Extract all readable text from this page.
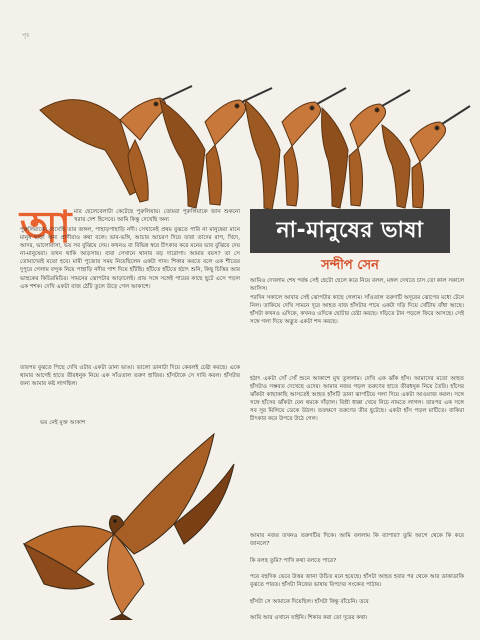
পৃঃ
আ মার ছেলেবেলাটা কেটেছে পুরুলিয়ায়। তোমরা পুরুলিয়াকে জান শুকনো খরার দেশ হিসেবে। আমি কিন্তু দেখেছি অন্য
পুরুলিয়াকে। দেখেছি তার জঙ্গল, পাহাড়পাহাড়ি নদী। সেখানেই প্রথম বুঝতে পারি না মানুষেরা মানে মানুষ ছাড়া অন্য প্রাণীরাও কথা বলে। ভাব-ভঙ্গি, আচার আচরণ দিয়ে তারা তাদের রাগ, খিদে, আদর, ভালোবাসা, ভয় সব বুঝিয়ে দেয়। কখনও বা বিভিন্ন স্বরে চীৎকার করে মনের ভাব বুঝিয়ে দেয় না-মানুষেরা। তখন থাকি আড়সায়। বাবা সেখানে থানার বড় দারোগা। আমার বয়স? তা সে তোমাদেরই মতো হবে। মামী পুজোর সময় নিয়েছিলেন একটা গান। শিকার করতে বলে এক শীতের দুপুরে গেলাম বন্দুক নিয়ে পাহাড়ি নদীর পাশ দিয়ে হাঁটছি। হাঁটতে হাঁটতে হঠাৎ শুনি, কিছু চিত্তির আর ভাহুকের কিচিরমিচির। সামনের ঝোপটার আড়ালেই। প্রায় সঙ্গে সঙ্গেই পায়ের কাছে ছুটে এসে পড়ল এক শশক। দেখি একটা বাজ ঠোঁট তুলে উড়ে গেল আকাশে।
তারপর বুঝতে পিছে দেখি ওটার একটা ডানা ভাঙা। ভালো ডানাটা দিয়ে কেবলই চেষ্টা করছে। একে থামার আগেই হাতে তীরধনুক নিয়ে এক সাঁওতাল তরুণ হাজির। হাঁসটাকে সে দাবি করল। হাঁসটার জন্য আমার কষ্ট লাগছিল।
ভয় নেই মুক্ত আকাশ
না-মানুষের ভাষা
সন্দীপ সেন
আমিও দেখলাম শেষ পর্যন্ত সেই ছেটো ছেলে করে নিয়ে বলল, মঙ্গল দেখতে চাস তো কাল সকালে আসিস।
পরদিন সকালে আবার সেই ঝোপটার কাছে গেলাম। সাঁওতাল তরুণটি অদূরের ঝোপের মধ্যে টেনে নিল। তাকিয়ে দেখি সামনে দূরে আহত বাজ হাঁসটার পায়ে একটা দড়ি দিয়ে খোঁটায় বাঁধা আছে। হাঁসটা কখনও এদিকে, কখনও ওদিকে ছোটার চেষ্টা করছে। দড়িতে টান পড়লে ফিরে আসছে। সেই সঙ্গে গলা দিয়ে অদ্ভুত একটা শব্দ করছে।
হঠাৎ একটা সোঁ সোঁ শুনে আকাশে মুখ তুললাম। দেখি এক ঝাঁক হাঁস। আমাদের মতো আহত হাঁসটাও সম্ভবত দেখেছে ওদের। আমার নজর পড়ল তরুণের হাতে তীরধনুক নিয়ে তৈরি। হাঁসের ঝাঁকটা কাছাকাছি আসতেই আহত হাঁসটি ডানা ঝাপটিয়ে গলা দিয়ে একটা আওয়াজ করল। সঙ্গে সঙ্গে হাঁসের ঝাঁকটা যেন থমকে দাঁড়াল। বিশ্রী ধাক্কা খেয়ে নিচে নামতে লাগল। তারপর এক সঙ্গে সব সুর মিলিয়ে ডেকে উঠল। ততক্ষণে তরুণের তীর ছুটেছে। একটা হাঁস পড়ল মাটিতে। বাকিরা চীৎকার করে উপরে উঠে গেল।
আমার নজর তখনও তরুণটির দিকে। আমি বললাম কি ব্যাপার? তুমি আগে থেকে কি করে জানলে?
কি বলছ তুমি? পাখি কথা বলতে পারে?
পরে বহুদিক ভেবে উত্তর জানা উচিত মনে হয়েছে। হাঁসটা আহত হবার পর থেকে আর ডাকাডাকি বুঝতে পারত। হাঁসটা নিজের ভাষায় বিপদের সংকেত পাঠায়।
হাঁসটা সে আমাকে দিয়েছিল। হাঁসটা কিন্তু বাঁচেনি। তবে
আমি আর ওখানে যাইনি। শিকার করা তো দূরের কথা।
